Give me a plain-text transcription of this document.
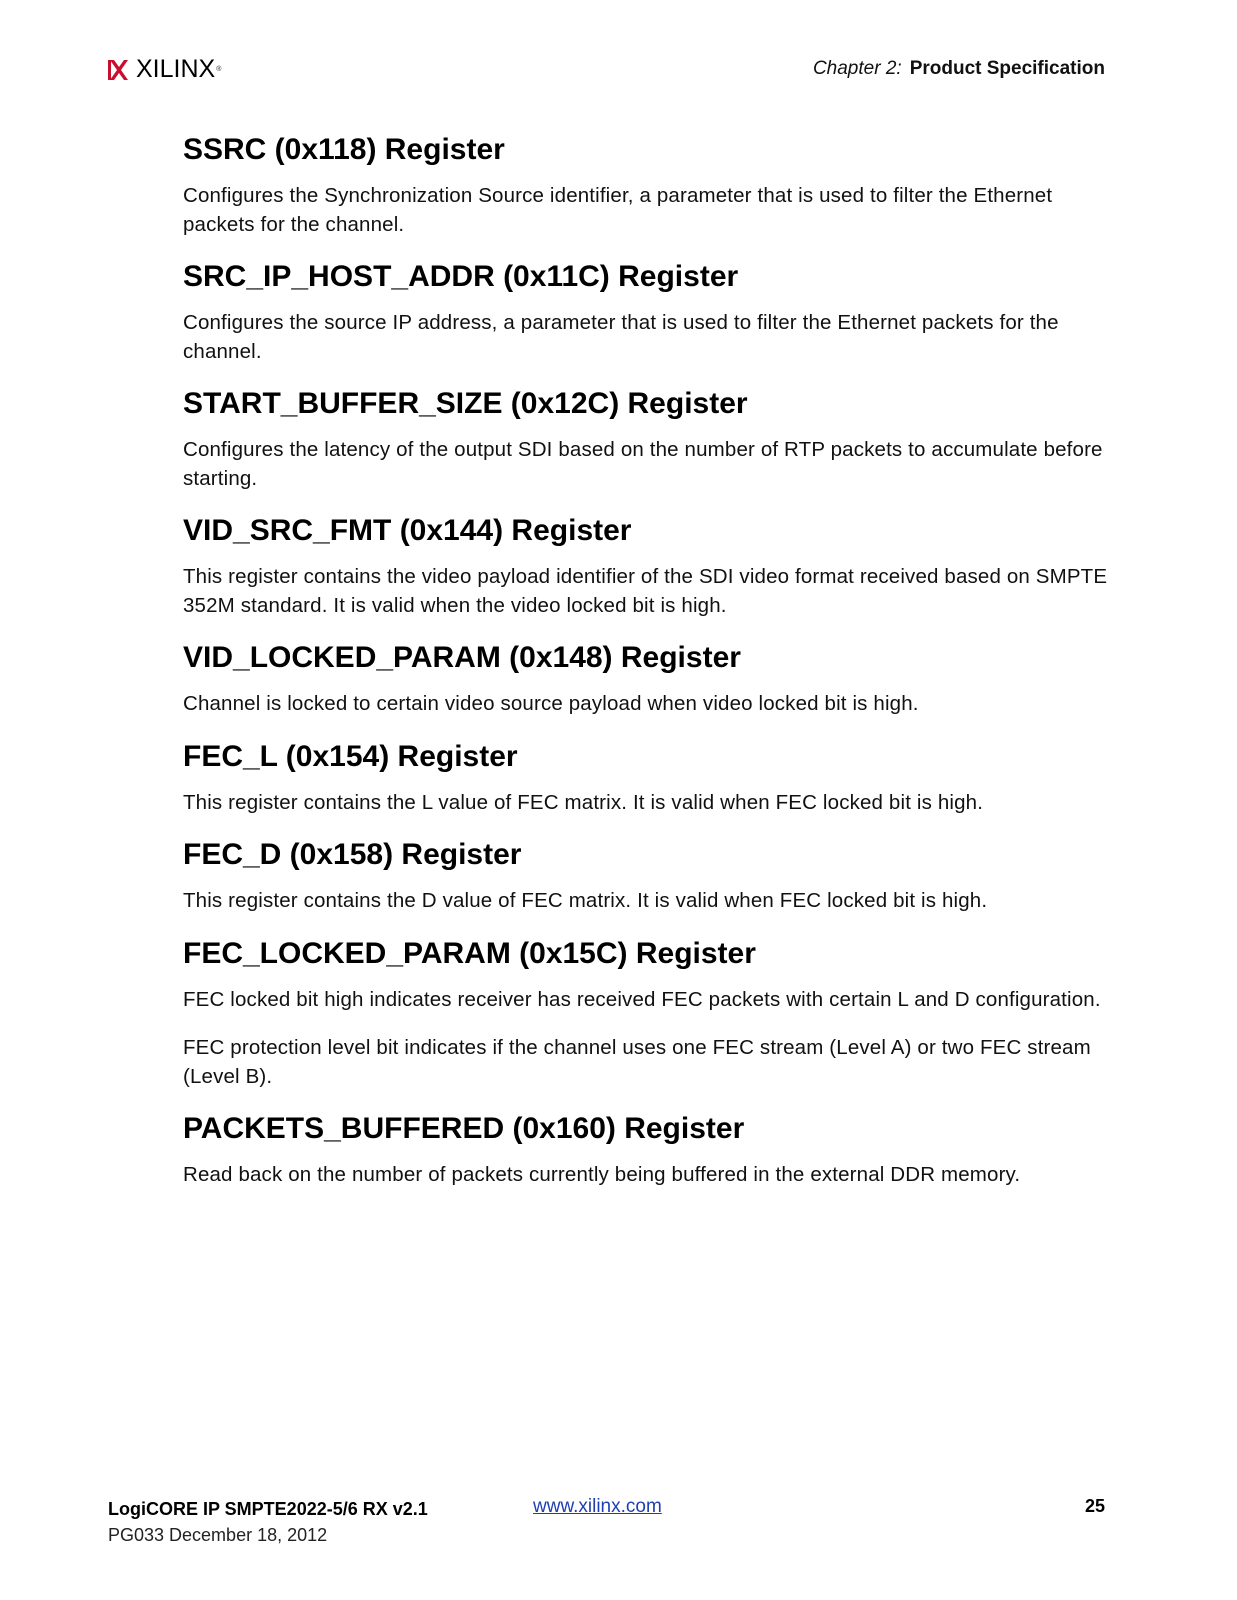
XILINX ®	Chapter 2: Product Specification
SSRC (0x118) Register

Configures the Synchronization Source identifier, a parameter that is used to filter the Ethernet packets for the channel.

SRC_IP_HOST_ADDR (0x11C) Register

Configures the source IP address, a parameter that is used to filter the Ethernet packets for the channel.

START_BUFFER_SIZE (0x12C) Register

Configures the latency of the output SDI based on the number of RTP packets to accumulate before starting.

VID_SRC_FMT (0x144) Register

This register contains the video payload identifier of the SDI video format received based on SMPTE 352M standard. It is valid when the video locked bit is high.

VID_LOCKED_PARAM (0x148) Register

Channel is locked to certain video source payload when video locked bit is high.

FEC_L (0x154) Register

This register contains the L value of FEC matrix. It is valid when FEC locked bit is high.

FEC_D (0x158) Register

This register contains the D value of FEC matrix. It is valid when FEC locked bit is high.

FEC_LOCKED_PARAM (0x15C) Register

FEC locked bit high indicates receiver has received FEC packets with certain L and D configuration.

FEC protection level bit indicates if the channel uses one FEC stream (Level A) or two FEC stream (Level B).

PACKETS_BUFFERED (0x160) Register

Read back on the number of packets currently being buffered in the external DDR memory.

LogiCORE IP SMPTE2022-5/6 RX v2.1
PG033 December 18, 2012
www.xilinx.com	25
